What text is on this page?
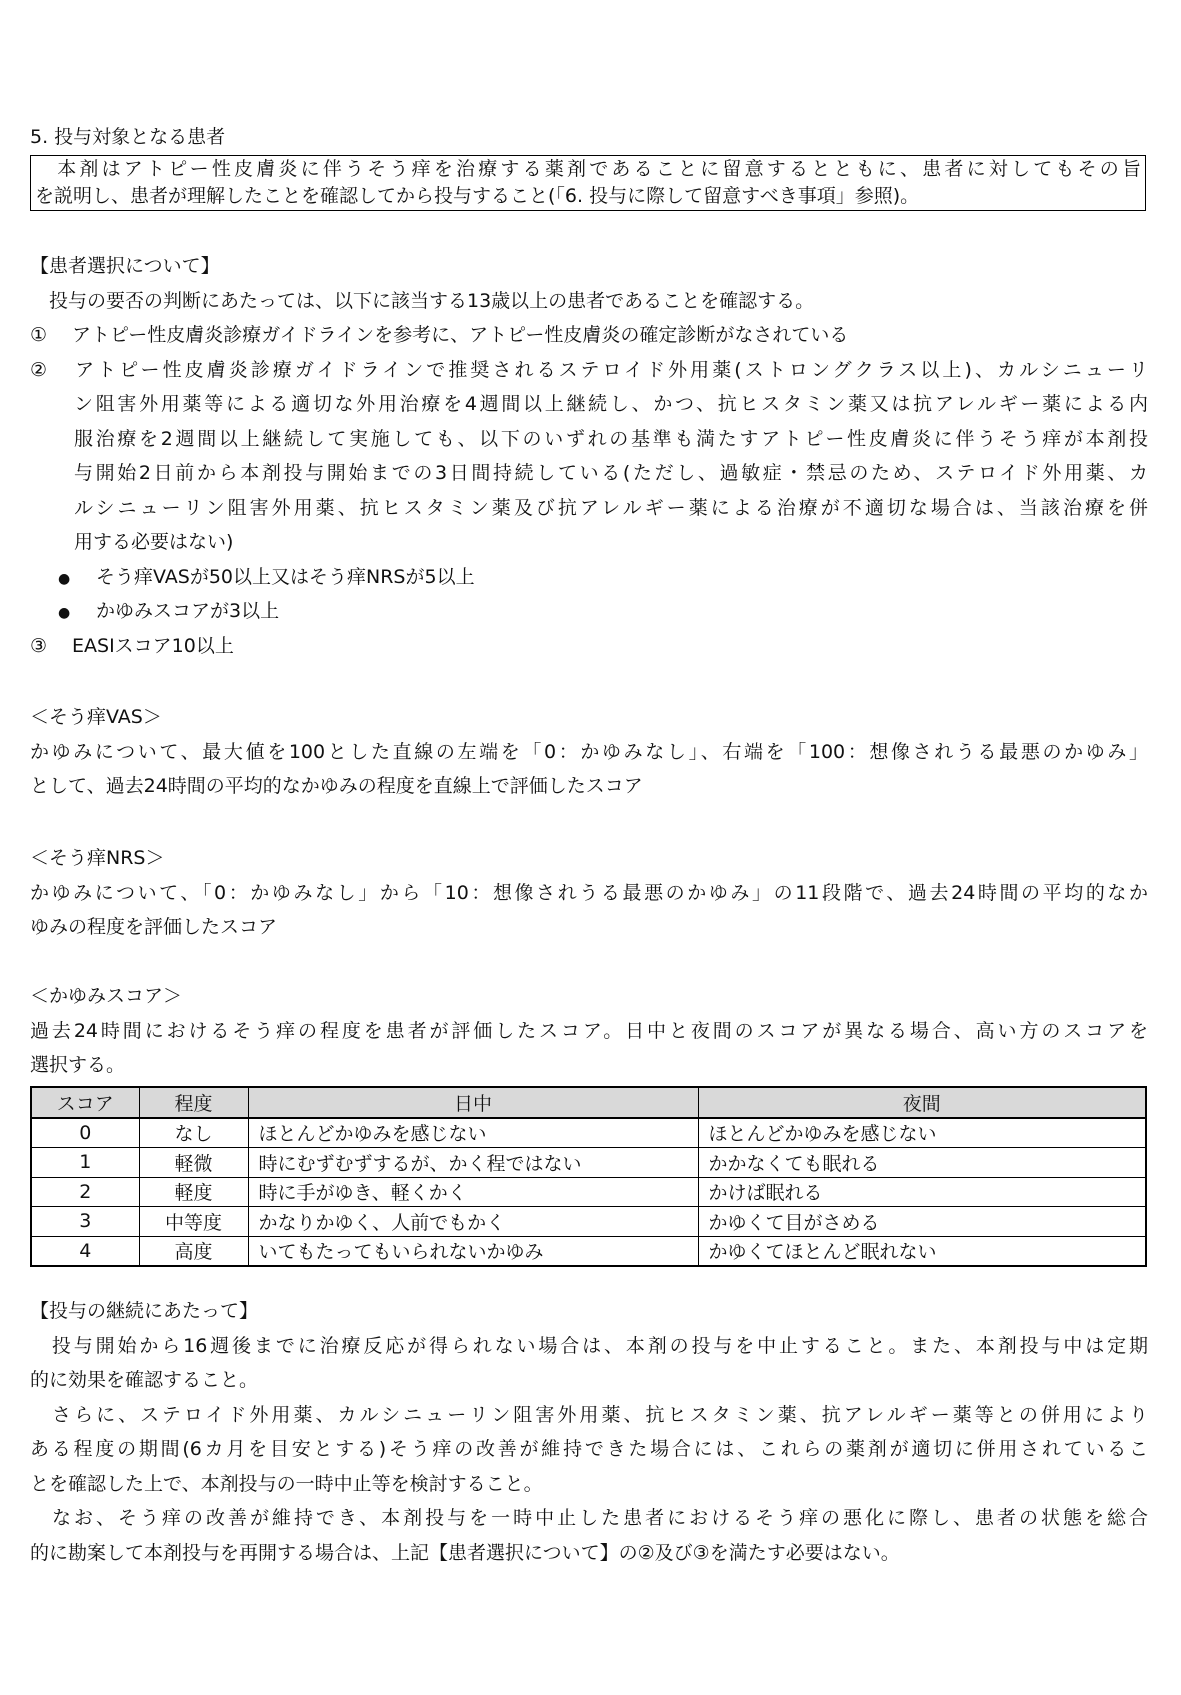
5. 投与対象となる患者
　本剤はアトピー性皮膚炎に伴うそう痒を治療する薬剤であることに留意するとともに、患者に対してもその旨
を説明し、患者が理解したことを確認してから投与すること(「6. 投与に際して留意すべき事項」参照)。
【患者選択について】
　投与の要否の判断にあたっては、以下に該当する13歳以上の患者であることを確認する。
① アトピー性皮膚炎診療ガイドラインを参考に、アトピー性皮膚炎の確定診断がなされている
② アトピー性皮膚炎診療ガイドラインで推奨されるステロイド外用薬(ストロングクラス以上)、カルシニューリ
ン阻害外用薬等による適切な外用治療を4週間以上継続し、かつ、抗ヒスタミン薬又は抗アレルギー薬による内
服治療を2週間以上継続して実施しても、以下のいずれの基準も満たすアトピー性皮膚炎に伴うそう痒が本剤投
与開始2日前から本剤投与開始までの3日間持続している(ただし、過敏症・禁忌のため、ステロイド外用薬、カ
ルシニューリン阻害外用薬、抗ヒスタミン薬及び抗アレルギー薬による治療が不適切な場合は、当該治療を併
用する必要はない)
● そう痒VASが50以上又はそう痒NRSが5以上
● かゆみスコアが3以上
③ EASIスコア10以上
＜そう痒VAS＞
かゆみについて、最大値を100とした直線の左端を「0：かゆみなし」、右端を「100：想像されうる最悪のかゆみ」
として、過去24時間の平均的なかゆみの程度を直線上で評価したスコア
＜そう痒NRS＞
かゆみについて、「0：かゆみなし」から「10：想像されうる最悪のかゆみ」の11段階で、過去24時間の平均的なか
ゆみの程度を評価したスコア
＜かゆみスコア＞
過去24時間におけるそう痒の程度を患者が評価したスコア。日中と夜間のスコアが異なる場合、高い方のスコアを
選択する。
スコア	程度	日中	夜間
0	なし	ほとんどかゆみを感じない	ほとんどかゆみを感じない
1	軽微	時にむずむずするが、かく程ではない	かかなくても眠れる
2	軽度	時に手がゆき、軽くかく	かけば眠れる
3	中等度	かなりかゆく、人前でもかく	かゆくて目がさめる
4	高度	いてもたってもいられないかゆみ	かゆくてほとんど眠れない
【投与の継続にあたって】
　投与開始から16週後までに治療反応が得られない場合は、本剤の投与を中止すること。また、本剤投与中は定期
的に効果を確認すること。
　さらに、ステロイド外用薬、カルシニューリン阻害外用薬、抗ヒスタミン薬、抗アレルギー薬等との併用により
ある程度の期間(6カ月を目安とする)そう痒の改善が維持できた場合には、これらの薬剤が適切に併用されているこ
とを確認した上で、本剤投与の一時中止等を検討すること。
　なお、そう痒の改善が維持でき、本剤投与を一時中止した患者におけるそう痒の悪化に際し、患者の状態を総合
的に勘案して本剤投与を再開する場合は、上記【患者選択について】の②及び③を満たす必要はない。
